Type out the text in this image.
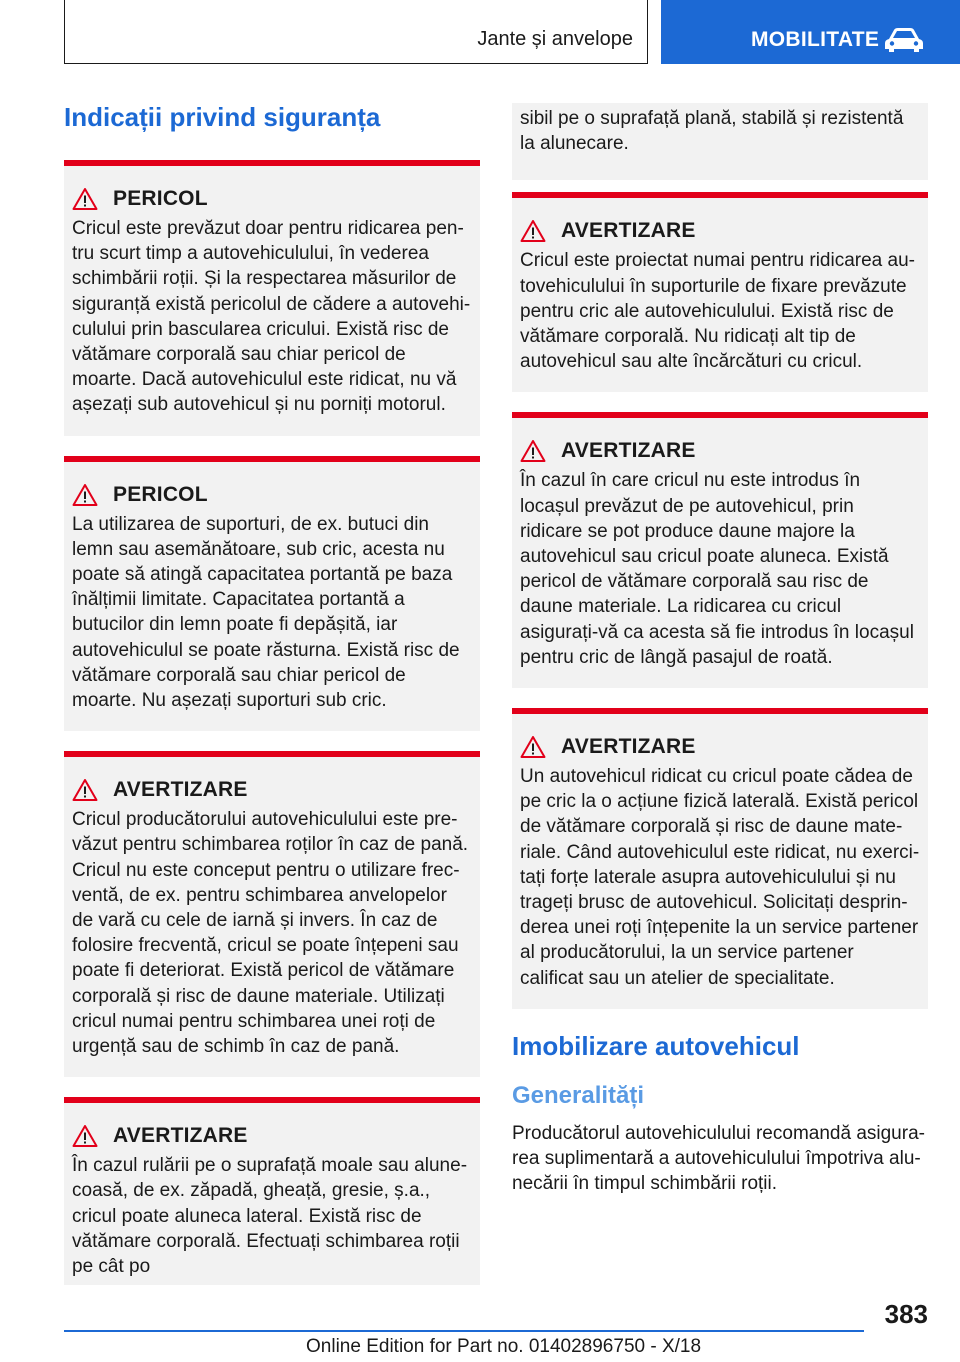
Jante și anvelope	MOBILITATE
Indicații privind siguranța
PERICOL

Cricul este prevăzut doar pentru ridicarea pentru scurt timp a autovehiculului, în vederea schimbării roții. Și la respectarea măsurilor de siguranță există pericolul de cădere a autovehiculului prin bascularea cricului. Există risc de vătămare corporală sau chiar pericol de moarte. Dacă autovehiculul este ridicat, nu vă așezați sub autovehicul și nu porniți motorul.

PERICOL

La utilizarea de suporturi, de ex. butuci din lemn sau asemănătoare, sub cric, acesta nu poate să atingă capacitatea portantă pe baza înălțimii limitate. Capacitatea portantă a butucilor din lemn poate fi depășită, iar autovehiculul se poate răsturna. Există risc de vătămare corporală sau chiar pericol de moarte. Nu așezați suporturi sub cric.

AVERTIZARE

Cricul producătorului autovehiculului este prevăzut pentru schimbarea roților în caz de pană. Cricul nu este conceput pentru o utilizare frecventă, de ex. pentru schimbarea anvelopelor de vară cu cele de iarnă și invers. În caz de folosire frecventă, cricul se poate înțepeni sau poate fi deteriorat. Există pericol de vătămare corporală și risc de daune materiale. Utilizați cricul numai pentru schimbarea unei roți de urgență sau de schimb în caz de pană.

AVERTIZARE

În cazul rulării pe o suprafață moale sau alunecoasă, de ex. zăpadă, gheață, gresie, ș.a., cricul poate aluneca lateral. Există risc de vătămare corporală. Efectuați schimbarea roții pe cât po

sibil pe o suprafață plană, stabilă și rezistentă la alunecare.

AVERTIZARE

Cricul este proiectat numai pentru ridicarea autovehiculului în suporturile de fixare prevăzute pentru cric ale autovehiculului. Există risc de vătămare corporală. Nu ridicați alt tip de autovehicul sau alte încărcături cu cricul.

AVERTIZARE

În cazul în care cricul nu este introdus în locașul prevăzut de pe autovehicul, prin ridicare se pot produce daune majore la autovehicul sau cricul poate aluneca. Există pericol de vătămare corporală sau risc de daune materiale. La ridicarea cu cricul asigurați-vă ca acesta să fie introdus în locașul pentru cric de lângă pasajul de roată.

AVERTIZARE

Un autovehicul ridicat cu cricul poate cădea de pe cric la o acțiune fizică laterală. Există pericol de vătămare corporală și risc de daune materiale. Când autovehiculul este ridicat, nu exercitați forțe laterale asupra autovehiculului și nu trageți brusc de autovehicul. Solicitați desprinderea unei roți înțepenite la un service partener al producătorului, la un service partener calificat sau un atelier de specialitate.

Imobilizare autovehicul
Generalități

Producătorul autovehiculului recomandă asigurarea suplimentară a autovehiculului împotriva alunecării în timpul schimbării roții.

383
Online Edition for Part no. 01402896750 - X/18
